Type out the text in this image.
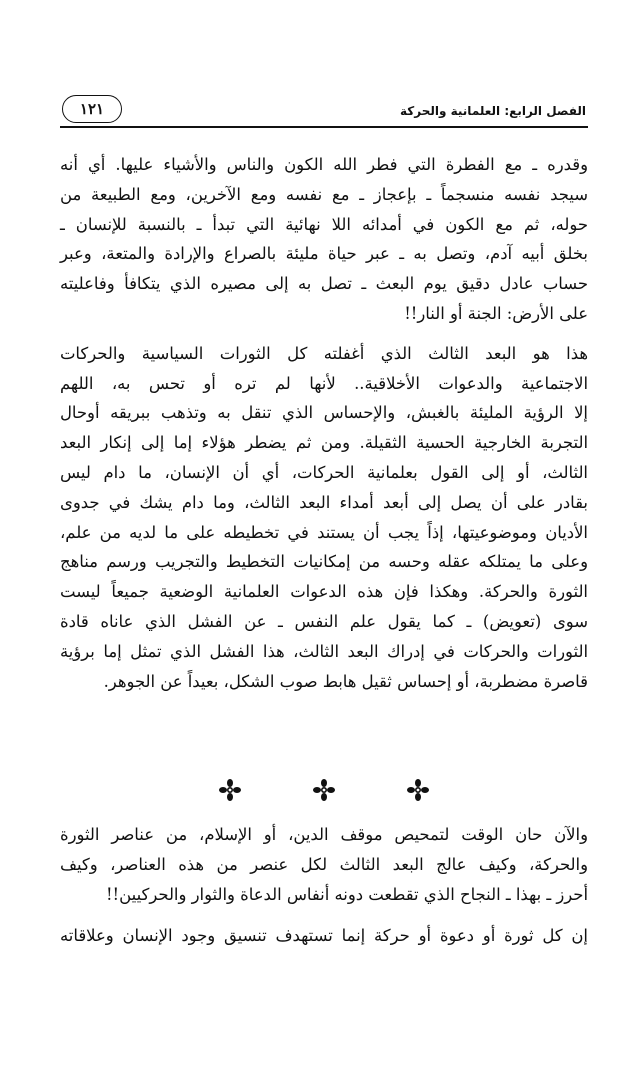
الفصل الرابع: العلمانية والحركة
١٢١

وقدره ـ مع الفطرة التي فطر الله الكون والناس والأشياء عليها. أي أنه
سيجد نفسه منسجماً ـ بإعجاز ـ مع نفسه ومع الآخرين، ومع الطبيعة من
حوله، ثم مع الكون في أمدائه اللا نهائية التي تبدأ ـ بالنسبة للإنسان ـ
بخلق أبيه آدم، وتصل به ـ عبر حياة مليئة بالصراع والإرادة والمتعة، وعبر
حساب عادل دقيق يوم البعث ـ تصل به إلى مصيره الذي يتكافأ وفاعليته
على الأرض: الجنة أو النار!!

هذا هو البعد الثالث الذي أغفلته كل الثورات السياسية والحركات
الاجتماعية والدعوات الأخلاقية.. لأنها لم تره أو تحس به، اللهم
إلا الرؤية المليئة بالغبش، والإحساس الذي تنقل به وتذهب ببريقه أوحال
التجربة الخارجية الحسية الثقيلة. ومن ثم يضطر هؤلاء إما إلى إنكار البعد
الثالث، أو إلى القول بعلمانية الحركات، أي أن الإنسان، ما دام ليس
بقادر على أن يصل إلى أبعد أمداء البعد الثالث، وما دام يشك في جدوى
الأديان وموضوعيتها، إذاً يجب أن يستند في تخطيطه على ما لديه من علم،
وعلى ما يمتلكه عقله وحسه من إمكانيات التخطيط والتجريب ورسم مناهج
الثورة والحركة. وهكذا فإن هذه الدعوات العلمانية الوضعية جميعاً ليست
سوى (تعويض) ـ كما يقول علم النفس ـ عن الفشل الذي عاناه قادة
الثورات والحركات في إدراك البعد الثالث، هذا الفشل الذي تمثل إما برؤية
قاصرة مضطربة، أو إحساس ثقيل هابط صوب الشكل، بعيداً عن الجوهر.

والآن حان الوقت لتمحيص موقف الدين، أو الإسلام، من عناصر الثورة
والحركة، وكيف عالج البعد الثالث لكل عنصر من هذه العناصر، وكيف
أحرز ـ بهذا ـ النجاح الذي تقطعت دونه أنفاس الدعاة والثوار والحركيين!!

إن كل ثورة أو دعوة أو حركة إنما تستهدف تنسيق وجود الإنسان وعلاقاته
